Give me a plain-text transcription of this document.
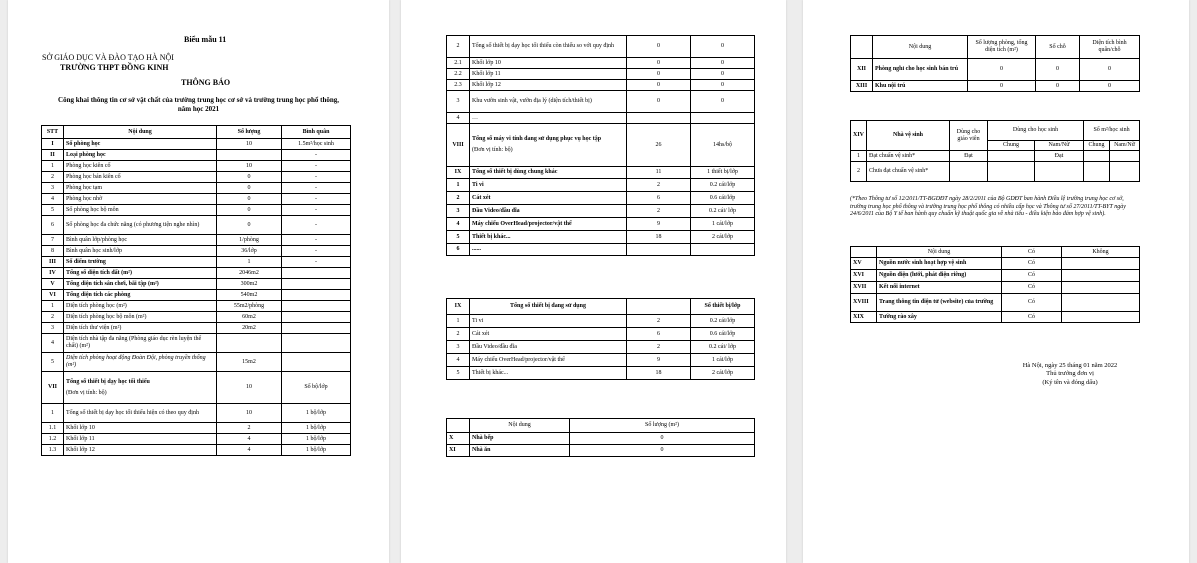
Biểu mẫu 11
SỞ GIÁO DỤC VÀ ĐÀO TẠO HÀ NỘI
TRƯỜNG THPT ĐỒNG KINH
THÔNG BÁO
Công khai thông tin cơ sở vật chất của trường trung học cơ sở và trường trung học phổ thông,
năm học 2021
STT	Nội dung	Số lượng	Bình quân
I	Số phòng học	10	1.5m²/học sinh
II	Loại phòng học		-
1	Phòng học kiên cố	10	-
2	Phòng học bán kiên cố	0	-
3	Phòng học tạm	0	-
4	Phòng học nhờ	0	-
5	Số phòng học bộ môn	0	-
6	Số phòng học đa chức năng (có phương tiện nghe nhìn)	0	-
7	Bình quân lớp/phòng học	1/phòng	-
8	Bình quân học sinh/lớp	36/lớp	-
III	Số điểm trường	1	-
IV	Tổng số diện tích đất (m²)	2046m2	
V	Tổng diện tích sân chơi, bãi tập (m²)	300m2	
VI	Tổng diện tích các phòng	540m2	
1	Diện tích phòng học (m²)	55m2/phòng	
2	Diện tích phòng học bộ môn (m²)	60m2	
3	Diện tích thư viện (m²)	20m2	
4	Diện tích nhà tập đa năng (Phòng giáo dục rèn luyện thể chất) (m²)		
5	Diện tích phòng hoạt động Đoàn Đội, phòng truyền thống (m²)	15m2	
VII	Tổng số thiết bị dạy học tối thiểu
(Đơn vị tính: bộ)	10	Số bộ/lớp
1	Tổng số thiết bị dạy học tối thiểu hiện có theo quy định	10	1 bộ/lớp
1.1	Khối lớp 10	2	1 bộ/lớp
1.2	Khối lớp 11	4	1 bộ/lớp
1.3	Khối lớp 12	4	1 bộ/lớp
2	Tổng số thiết bị dạy học tối thiểu còn thiếu so với quy định	0	0
2.1	Khối lớp 10	0	0
2.2	Khối lớp 11	0	0
2.3	Khối lớp 12	0	0
3	Khu vườn sinh vật, vườn địa lý (diện tích/thiết bị)	0	0
4	…		
VIII	Tổng số máy vi tính đang sử dụng phục vụ học tập
(Đơn vị tính: bộ)	26	14hs/bộ
IX	Tổng số thiết bị dùng chung khác	11	1 thiết bị/lớp
1	Ti vi	2	0.2 cái/lớp
2	Cát xét	6	0.6 cái/lớp
3	Đầu Video/đầu đĩa	2	0.2 cái/ lớp
4	Máy chiếu OverHead/projector/vật thể	9	1 cái/lớp
5	Thiết bị khác...	18	2 cái/lớp
6	......		
IX	Tổng số thiết bị đang sử dụng		Số thiết bị/lớp
1	Ti vi	2	0.2 cái/lớp
2	Cát xét	6	0.6 cái/lớp
3	Đầu Video/đầu đĩa	2	0.2 cái/ lớp
4	Máy chiếu OverHead/projector/vật thể	9	1 cái/lớp
5	Thiết bị khác...	18	2 cái/lớp
	Nội dung	Số lượng (m²)
X	Nhà bếp	0
XI	Nhà ăn	0
	Nội dung	Số lượng phòng, tổng diện tích (m²)	Số chỗ	Diện tích bình quân/chỗ
XII	Phòng nghỉ cho học sinh bán trú	0	0	0
XIII	Khu nội trú	0	0	0
XIV	Nhà vệ sinh	Dùng cho giáo viên	Dùng cho học sinh		Số m²/học sinh	
			Chung	Nam/Nữ	Chung	Nam/Nữ
1	Đạt chuẩn vệ sinh*	Đạt		Đạt		
2	Chưa đạt chuẩn vệ sinh*					
(*Theo Thông tư số 12/2011/TT-BGDĐT ngày 28/2/2011 của Bộ GDĐT ban hành Điều lệ trường trung học cơ sở, trường trung học phổ thông và trường trung học phổ thông có nhiều cấp học và Thông tư số 27/2011/TT-BYT ngày 24/6/2011 của Bộ Y tế ban hành quy chuẩn kỹ thuật quốc gia về nhà tiêu - điều kiện bảo đảm hợp vệ sinh).
	Nội dung	Có	Không
XV	Nguồn nước sinh hoạt hợp vệ sinh	Có	
XVI	Nguồn điện (lưới, phát điện riêng)	Có	
XVII	Kết nối internet	Có	
XVIII	Trang thông tin điện tử (website) của trường	Có	
XIX	Tường rào xây	Có	
Hà Nội, ngày 25 tháng 01 năm 2022
Thủ trưởng đơn vị
(Ký tên và đóng dấu)
